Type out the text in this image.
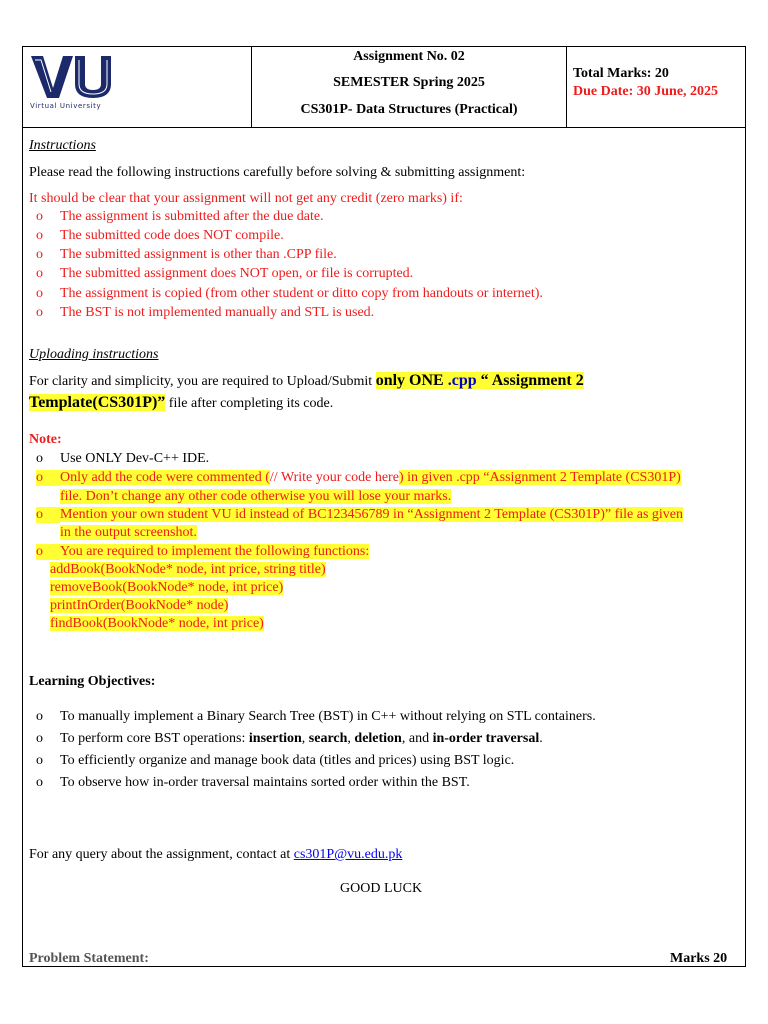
Virtual University
Assignment No. 02
SEMESTER Spring 2025
CS301P- Data Structures (Practical)
Total Marks: 20
Due Date: 30 June, 2025
Instructions
Please read the following instructions carefully before solving & submitting assignment:
It should be clear that your assignment will not get any credit (zero marks) if:
o The assignment is submitted after the due date.
o The submitted code does NOT compile.
o The submitted assignment is other than .CPP file.
o The submitted assignment does NOT open, or file is corrupted.
o The assignment is copied (from other student or ditto copy from handouts or internet).
o The BST is not implemented manually and STL is used.
Uploading instructions
For clarity and simplicity, you are required to Upload/Submit only ONE .cpp “ Assignment 2
Template(CS301P)” file after completing its code.
Note:
o Use ONLY Dev-C++ IDE.
o Only add the code were commented (// Write your code here) in given .cpp “Assignment 2 Template (CS301P)
file. Don’t change any other code otherwise you will lose your marks.
o Mention your own student VU id instead of BC123456789 in “Assignment 2 Template (CS301P)” file as given
in the output screenshot.
o You are required to implement the following functions:
addBook(BookNode* node, int price, string title)
removeBook(BookNode* node, int price)
printInOrder(BookNode* node)
findBook(BookNode* node, int price)
Learning Objectives:
o To manually implement a Binary Search Tree (BST) in C++ without relying on STL containers.
o To perform core BST operations: insertion, search, deletion, and in-order traversal.
o To efficiently organize and manage book data (titles and prices) using BST logic.
o To observe how in-order traversal maintains sorted order within the BST.
For any query about the assignment, contact at cs301P@vu.edu.pk
GOOD LUCK
Problem Statement:	Marks 20
